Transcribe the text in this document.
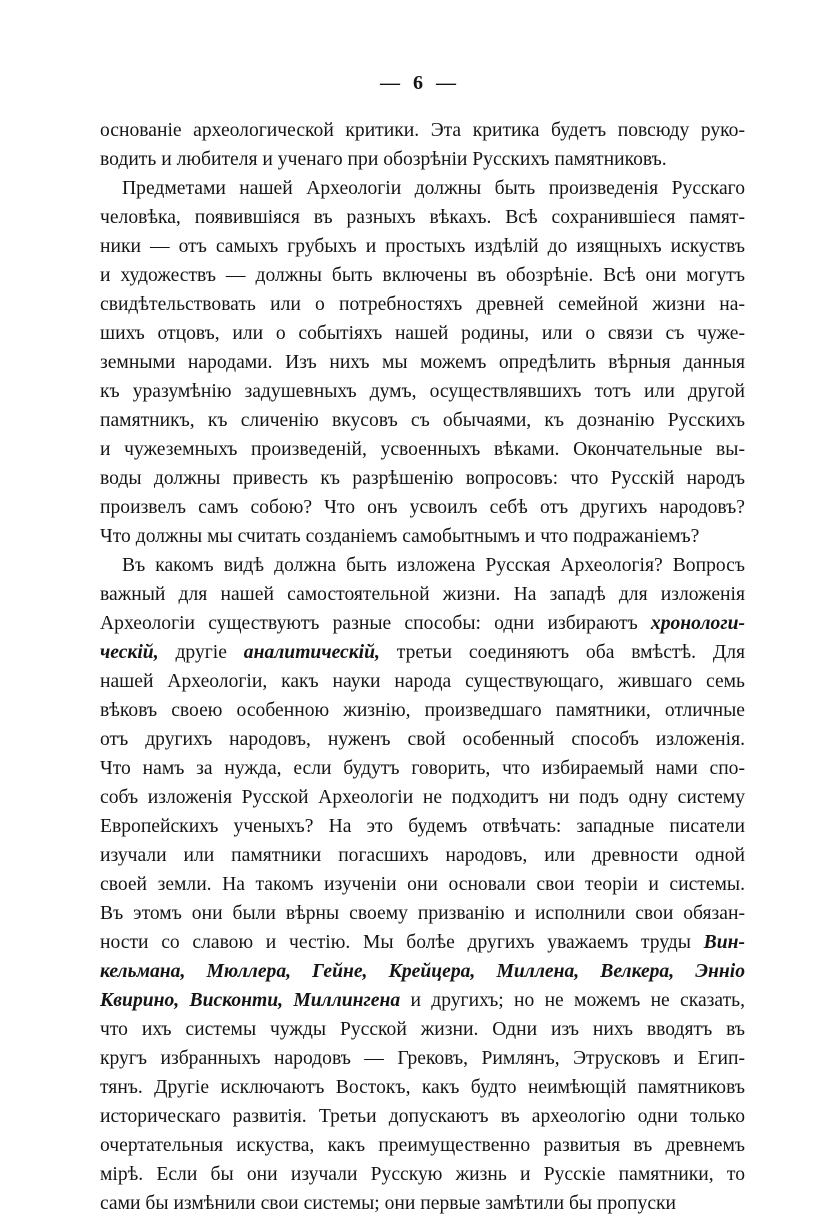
— 6 —
основаніе археологической критики. Эта критика будетъ повсюду руко-
водить и любителя и ученаго при обозрѣніи Русскихъ памятниковъ.
Предметами нашей Археологіи должны быть произведенія Русскаго
человѣка, появившіяся въ разныхъ вѣкахъ. Всѣ сохранившіеся памят-
ники — отъ самыхъ грубыхъ и простыхъ издѣлій до изящныхъ искуствъ
и художествъ — должны быть включены въ обозрѣніе. Всѣ они могутъ
свидѣтельствовать или о потребностяхъ древней семейной жизни на-
шихъ отцовъ, или о событіяхъ нашей родины, или о связи съ чуже-
земными народами. Изъ нихъ мы можемъ опредѣлить вѣрныя данныя
къ уразумѣнію задушевныхъ думъ, осуществлявшихъ тотъ или другой
памятникъ, къ сличенію вкусовъ съ обычаями, къ дознанію Русскихъ
и чужеземныхъ произведеній, усвоенныхъ вѣками. Окончательные вы-
воды должны привесть къ разрѣшенію вопросовъ: что Русскій народъ
произвелъ самъ собою? Что онъ усвоилъ себѣ отъ другихъ народовъ?
Что должны мы считать созданіемъ самобытнымъ и что подражаніемъ?
Въ какомъ видѣ должна быть изложена Русская Археологія? Вопросъ
важный для нашей самостоятельной жизни. На западѣ для изложенія
Археологіи существуютъ разные способы: одни избираютъ хронологи-
ческій, другіе аналитическій, третьи соединяютъ оба вмѣстѣ. Для
нашей Археологіи, какъ науки народа существующаго, жившаго семь
вѣковъ своею особенною жизнію, произведшаго памятники, отличные
отъ другихъ народовъ, нуженъ свой особенный способъ изложенія.
Что намъ за нужда, если будутъ говорить, что избираемый нами спо-
собъ изложенія Русской Археологіи не подходитъ ни подъ одну систему
Европейскихъ ученыхъ? На это будемъ отвѣчать: западные писатели
изучали или памятники погасшихъ народовъ, или древности одной
своей земли. На такомъ изученіи они основали свои теоріи и системы.
Въ этомъ они были вѣрны своему призванію и исполнили свои обязан-
ности со славою и честію. Мы болѣе другихъ уважаемъ труды Вин-
кельмана, Мюллера, Гейне, Крейцера, Миллена, Велкера, Энніо
Квирино, Висконти, Миллингена и другихъ; но не можемъ не сказать,
что ихъ системы чужды Русской жизни. Одни изъ нихъ вводятъ въ
кругъ избранныхъ народовъ — Грековъ, Римлянъ, Этрусковъ и Егип-
тянъ. Другіе исключаютъ Востокъ, какъ будто неимѣющій памятниковъ
историческаго развитія. Третьи допускаютъ въ археологію одни только
очертательныя искуства, какъ преимущественно развитыя въ древнемъ
мірѣ. Если бы они изучали Русскую жизнь и Русскіе памятники, то
сами бы измѣнили свои системы; они первые замѣтили бы пропуски
